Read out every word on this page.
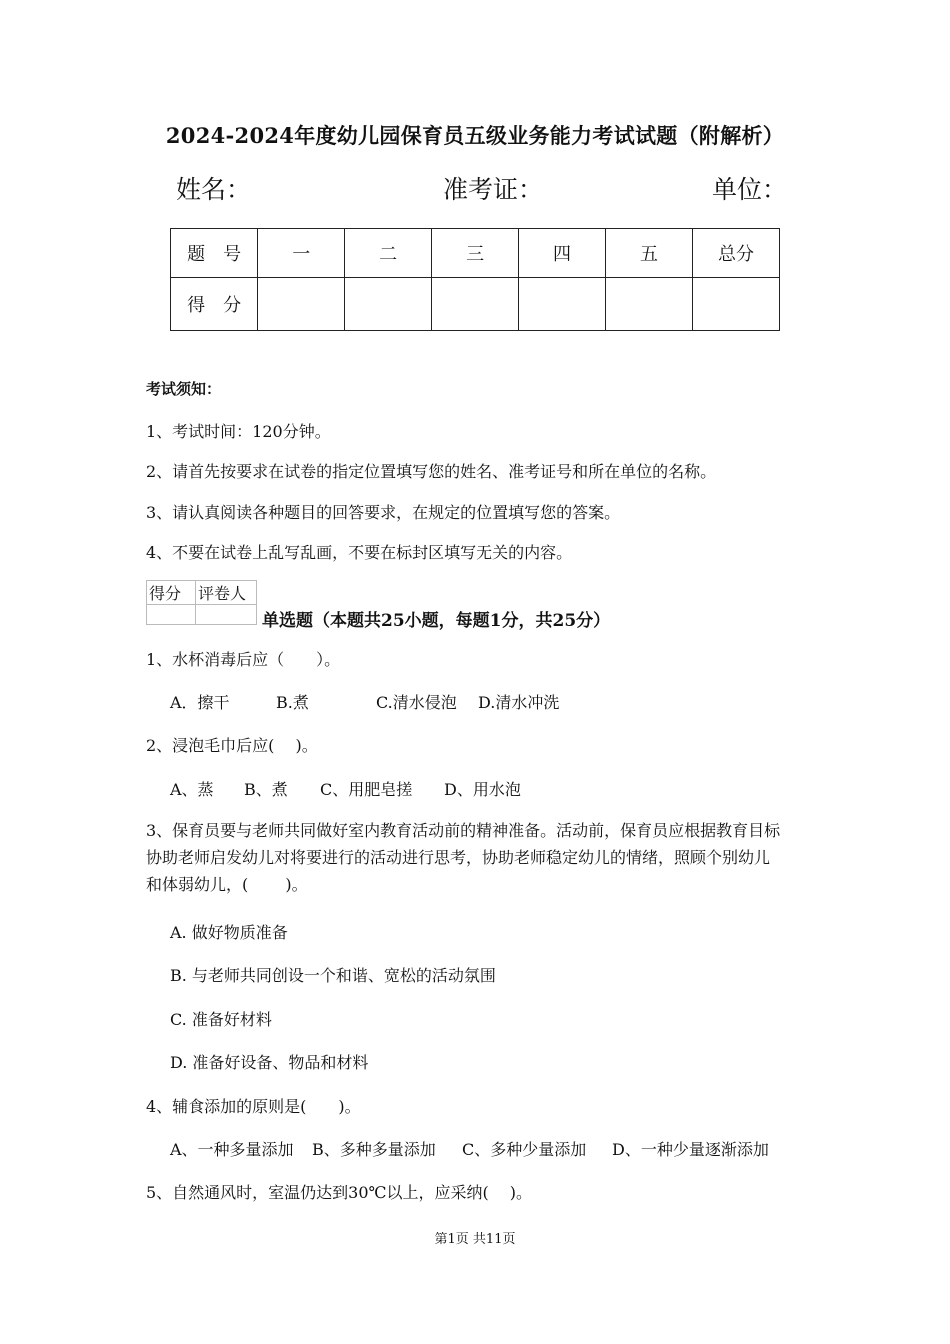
2024-2024年度幼儿园保育员五级业务能力考试试题（附解析）
姓名：	准考证：	单位：
题　号	一	二	三	四	五	总分
得　分						
考试须知：
1、考试时间：120分钟。
2、请首先按要求在试卷的指定位置填写您的姓名、准考证号和所在单位的名称。
3、请认真阅读各种题目的回答要求，在规定的位置填写您的答案。
4、不要在试卷上乱写乱画，不要在标封区填写无关的内容。
得分	评卷人

单选题（本题共25小题，每题1分，共25分）
1、水杯消毒后应（　　）。
A．擦干	B.煮	C.清水侵泡 D.清水冲洗
2、浸泡毛巾后应(　 )。
A、蒸 B、煮 C、用肥皂搓 D、用水泡
3、保育员要与老师共同做好室内教育活动前的精神准备。活动前，保育员应根据教育目标
协助老师启发幼儿对将要进行的活动进行思考，协助老师稳定幼儿的情绪，照顾个别幼儿
和体弱幼儿，(　　 )。
A. 做好物质准备
B. 与老师共同创设一个和谐、宽松的活动氛围
C. 准备好材料
D. 准备好设备、物品和材料
4、辅食添加的原则是(　　)。
A、一种多量添加 B、多种多量添加 C、多种少量添加 D、一种少量逐渐添加
5、自然通风时，室温仍达到30℃以上，应采纳(　 )。
第1页 共11页
